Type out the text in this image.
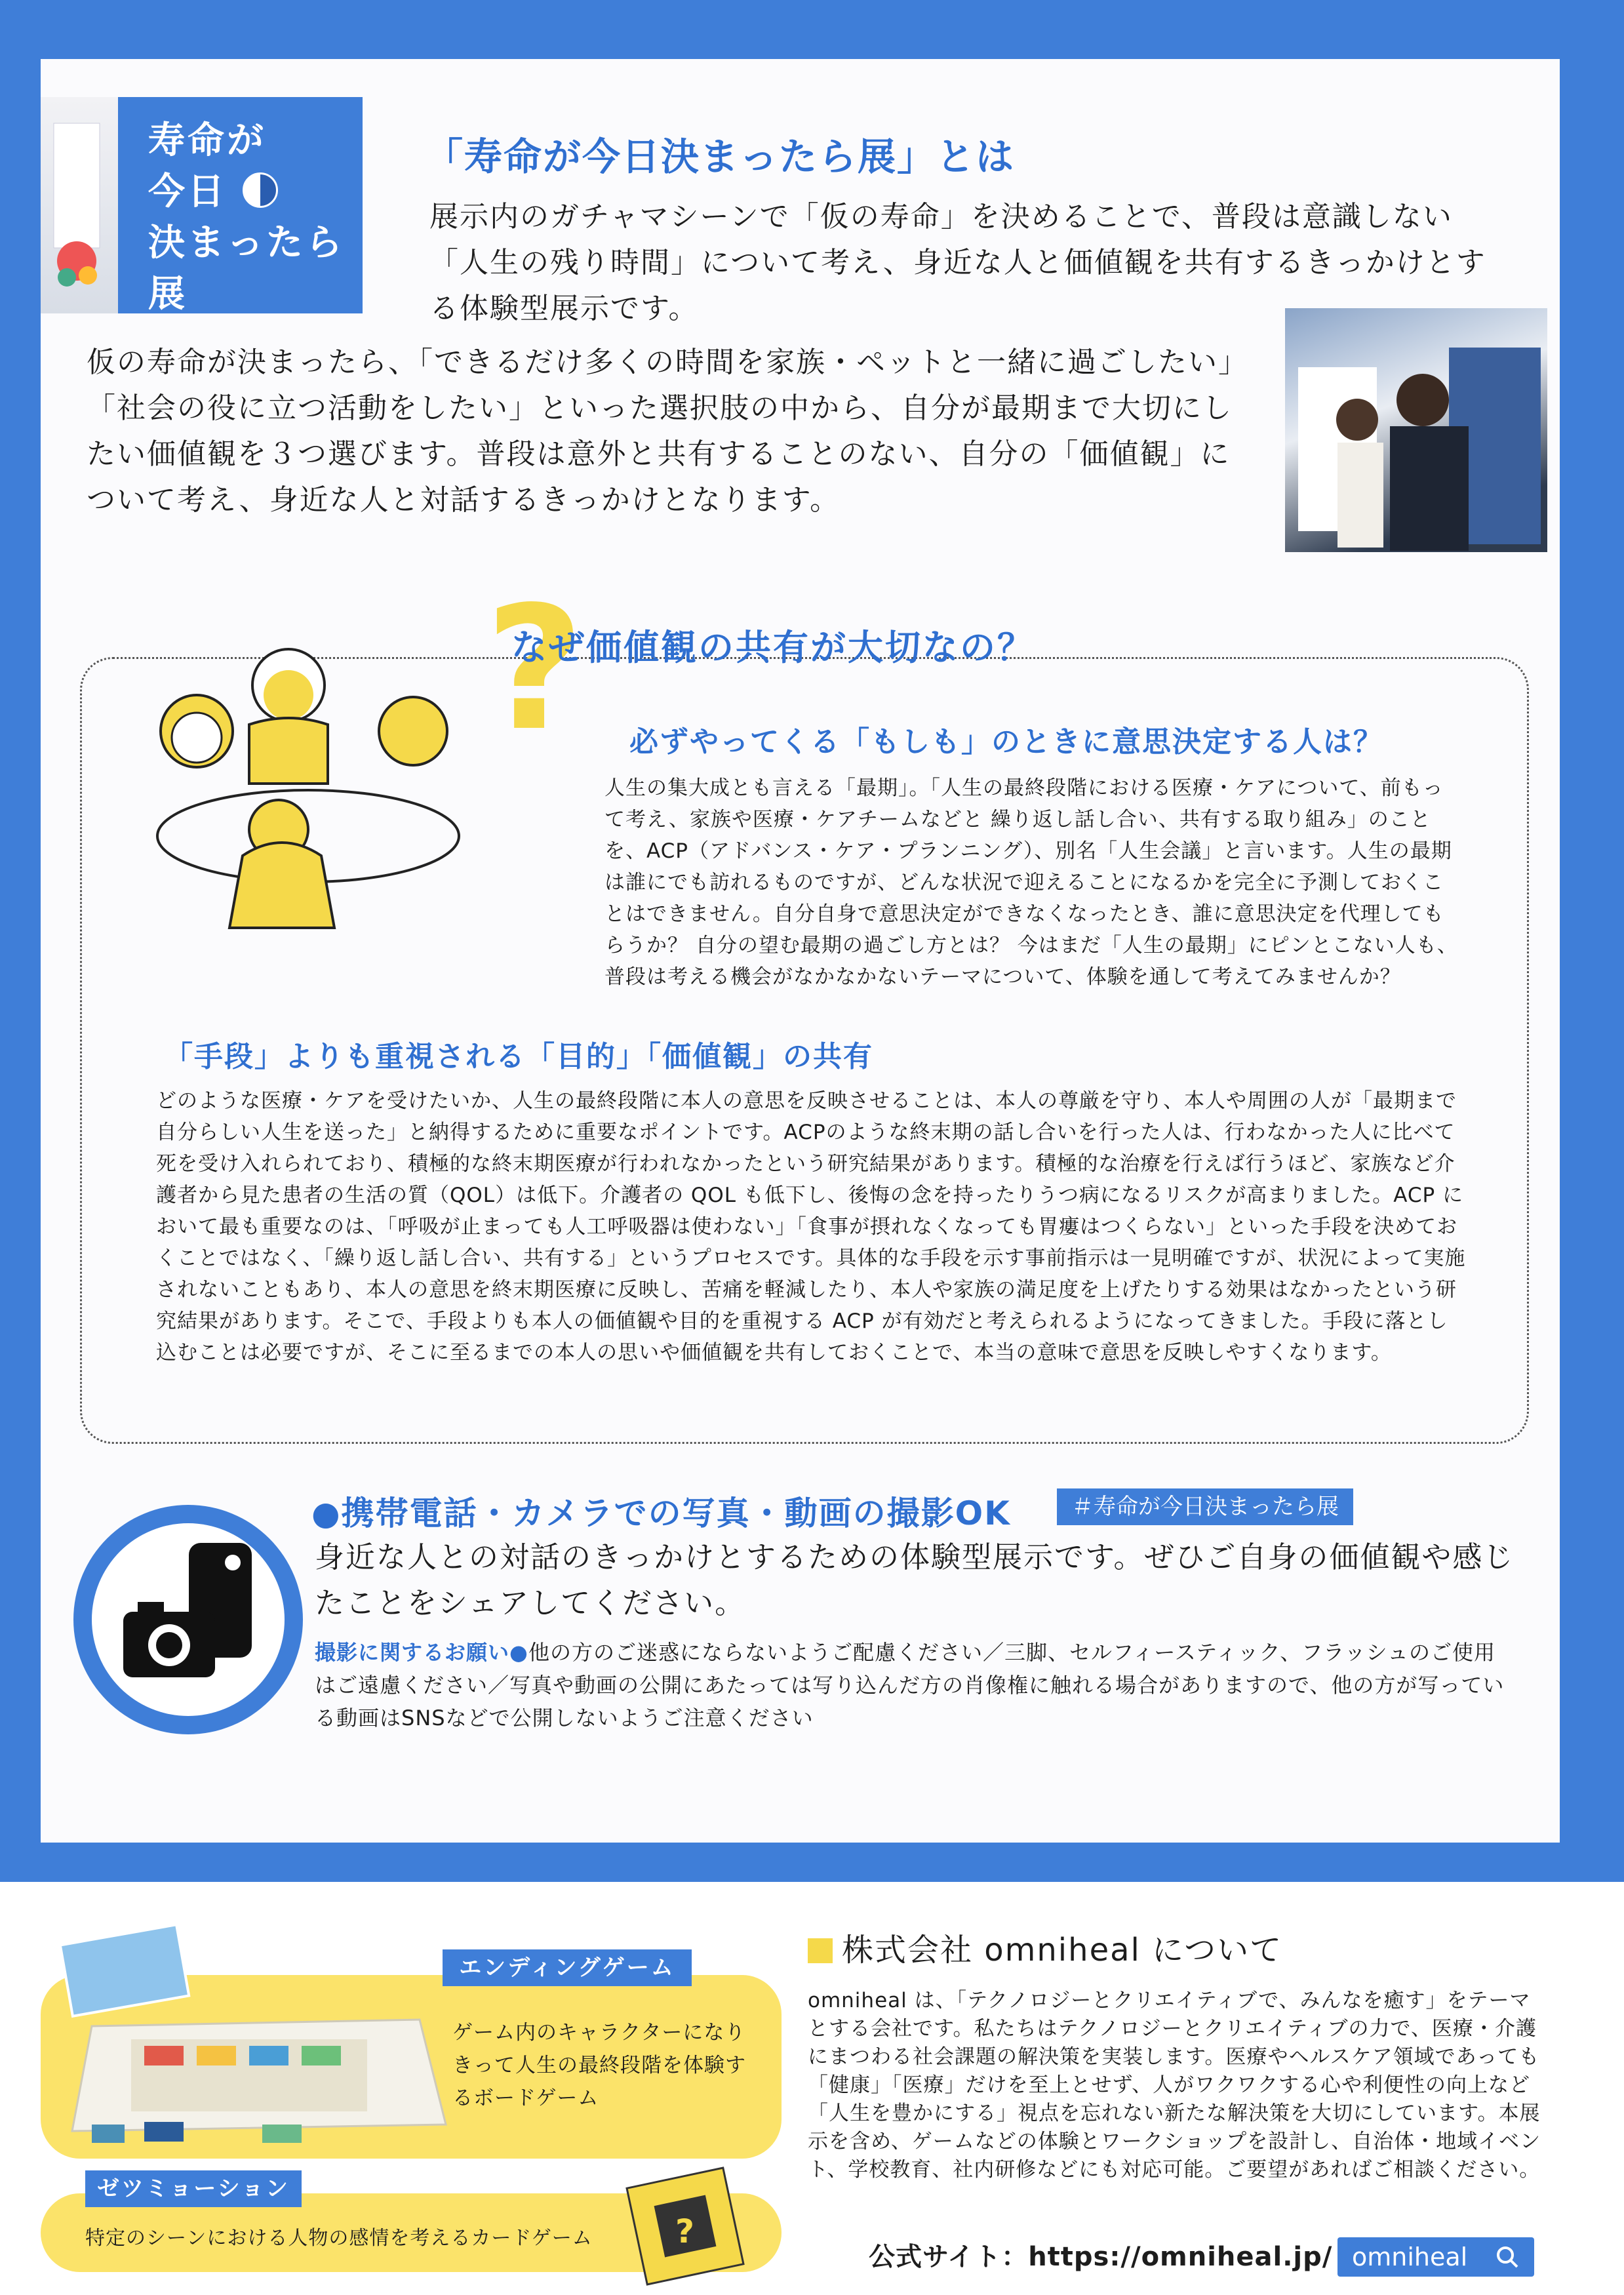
寿命が
今日
決まったら
展
「寿命が今日決まったら展」とは
展示内のガチャマシーンで「仮の寿命」を決めることで、普段は意識しない「人生の残り時間」について考え、身近な人と価値観を共有するきっかけとする体験型展示です。
仮の寿命が決まったら、「できるだけ多くの時間を家族・ペットと一緒に過ごしたい」「社会の役に立つ活動をしたい」といった選択肢の中から、自分が最期まで大切にしたい価値観を３つ選びます。普段は意外と共有することのない、自分の「価値観」について考え、身近な人と対話するきっかけとなります。
?
なぜ価値観の共有が大切なの？
必ずやってくる「もしも」のときに意思決定する人は？
人生の集大成とも言える「最期」。「人生の最終段階における医療・ケアについて、前もって考え、家族や医療・ケアチームなどと 繰り返し話し合い、共有する取り組み」のことを、ACP（アドバンス・ケア・プランニング）、別名「人生会議」と言います。人生の最期は誰にでも訪れるものですが、どんな状況で迎えることになるかを完全に予測しておくことはできません。自分自身で意思決定ができなくなったとき、誰に意思決定を代理してもらうか？ 自分の望む最期の過ごし方とは？ 今はまだ「人生の最期」にピンとこない人も、普段は考える機会がなかなかないテーマについて、体験を通して考えてみませんか？
「手段」よりも重視される「目的」「価値観」の共有
どのような医療・ケアを受けたいか、人生の最終段階に本人の意思を反映させることは、本人の尊厳を守り、本人や周囲の人が「最期まで自分らしい人生を送った」と納得するために重要なポイントです。ACPのような終末期の話し合いを行った人は、行わなかった人に比べて死を受け入れられており、積極的な終末期医療が行われなかったという研究結果があります。積極的な治療を行えば行うほど、家族など介護者から見た患者の生活の質（QOL）は低下。介護者の QOL も低下し、後悔の念を持ったりうつ病になるリスクが高まりました。ACP において最も重要なのは、「呼吸が止まっても人工呼吸器は使わない」「食事が摂れなくなっても胃瘻はつくらない」といった手段を決めておくことではなく、「繰り返し話し合い、共有する」というプロセスです。具体的な手段を示す事前指示は一見明確ですが、状況によって実施されないこともあり、本人の意思を終末期医療に反映し、苦痛を軽減したり、本人や家族の満足度を上げたりする効果はなかったという研究結果があります。そこで、手段よりも本人の価値観や目的を重視する ACP が有効だと考えられるようになってきました。手段に落とし込むことは必要ですが、そこに至るまでの本人の思いや価値観を共有しておくことで、本当の意味で意思を反映しやすくなります。
●携帯電話・カメラでの写真・動画の撮影OK	＃寿命が今日決まったら展
身近な人との対話のきっかけとするための体験型展示です。ぜひご自身の価値観や感じたことをシェアしてください。
撮影に関するお願い●他の方のご迷惑にならないようご配慮ください／三脚、セルフィースティック、フラッシュのご使用はご遠慮ください／写真や動画の公開にあたっては写り込んだ方の肖像権に触れる場合がありますので、他の方が写っている動画はSNSなどで公開しないようご注意ください
エンディングゲーム
ゲーム内のキャラクターになりきって人生の最終段階を体験するボードゲーム
ゼツミョーション
特定のシーンにおける人物の感情を考えるカードゲーム	?
株式会社 omniheal について
omniheal は、「テクノロジーとクリエイティブで、みんなを癒す」をテーマとする会社です。私たちはテクノロジーとクリエイティブの力で、医療・介護にまつわる社会課題の解決策を実装します。医療やヘルスケア領域であっても「健康」「医療」だけを至上とせず、人がワクワクする心や利便性の向上など「人生を豊かにする」視点を忘れない新たな解決策を大切にしています。本展示を含め、ゲームなどの体験とワークショップを設計し、自治体・地域イベント、学校教育、社内研修などにも対応可能。ご要望があればご相談ください。
公式サイト：https://omniheal.jp/ omniheal
